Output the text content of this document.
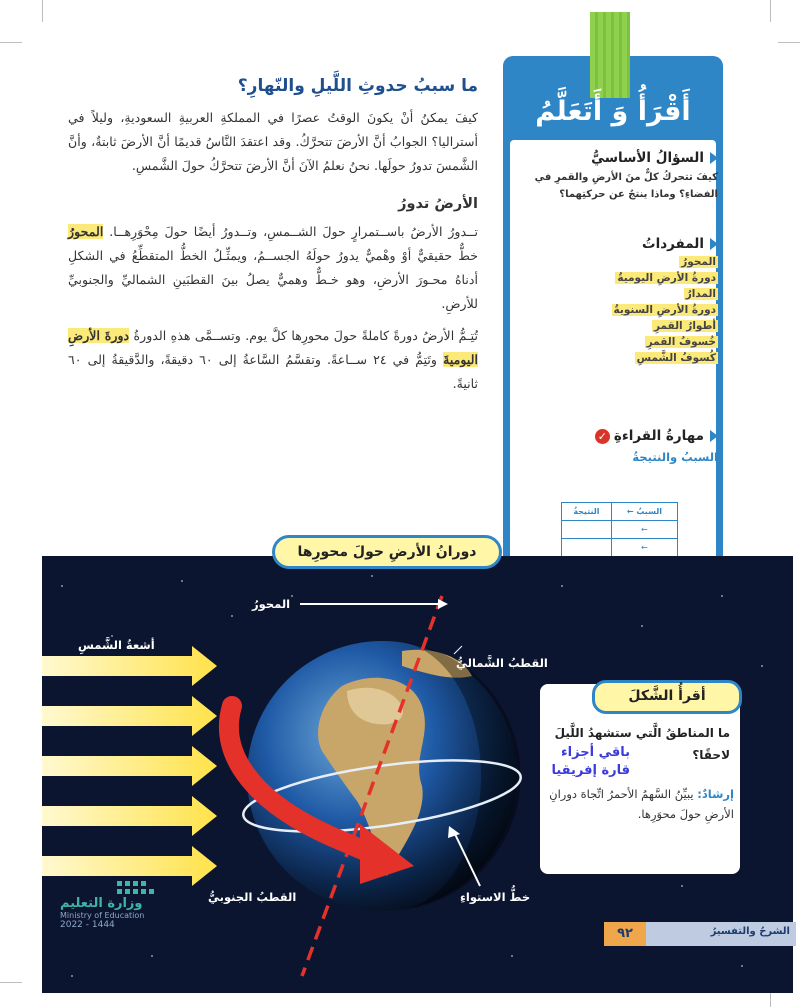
ما سببُ حدوثِ اللَّيلِ والنّهارِ؟
كيفَ يمكنُ أنْ يكونَ الوقتُ عصرًا في المملكةِ العربيةِ السعوديةِ، وليلاً في أستراليا؟ الجوابُ أنَّ الأرضَ تتحرَّكُ. وقد اعتقدَ النَّاسُ قديمًا أنَّ الأرضَ ثابتةٌ، وأنَّ الشَّمسَ تدورُ حولَها. نحنُ نعلمُ الآنَ أنَّ الأرضَ تتحرَّكُ حولَ الشَّمسِ.
الأرضُ تدورُ
تــدورُ الأرضُ باســتمرارٍ حولَ الشــمسِ، وتــدورُ أيضًا حولَ مِحْوَرِهــا. المحورُ خطٌّ حقيقيٌّ أوْ وهْميٌّ يدورُ حولَهُ الجســمُ، ويمثِّـلُ الخطُّ المتقطِّعُ في الشكلِ أدناهُ محـورَ الأرضِ، وهو خـطٌّ وهميٌّ يصلُ بينَ القطبَينِ الشماليِّ والجنوبيِّ للأرضِ.
تُتِـمُّ الأرضُ دورةً كاملةً حولَ محورِها كلَّ يوم. وتســمَّى هذهِ الدورةُ دورةَ الأرضِ اليوميةَ وتَتِمُّ في ٢٤ ســاعةً. وتقسَّمُ السَّاعةُ إلى ٦٠ دقيقةً، والدَّقيقةُ إلى ٦٠ ثانيةً.
أَقْرَأُ وَ أَتَعَلَّمُ
السؤالُ الأساسيُّ
كيفَ تتحركُ كلٌّ منَ الأرضِ والقمرِ في الفضاءِ؟ وماذا ينتجُ عن حركتِهما؟
المفرداتُ
المحورُ
دورةُ الأرضِ اليوميةُ
المدارُ
دورةُ الأرضِ السنويةُ
أطوارُ القمرِ
خُسوفُ القمرِ
كُسوفُ الشَّمسِ
مهارةُ القراءةِ
✓
السببُ والنتيجةُ
السببُ ←	النتيجةُ
←	
←	

دورانُ الأرضِ حولَ محورِها
المحورُ
أشعةُ الشَّمسِ
القطبُ الشَّماليُّ
القطبُ الجنوبيُّ	خطُّ الاستواءِ
أقرأُ الشَّكلَ
ما المناطقُ الَّتي ستشهدُ اللَّيلَ لاحقًا؟
باقي أجزاء قارة إفريقيا
إرشادٌ: يبيِّنُ السَّهمُ الأحمرُ اتِّجاهَ دورانِ الأرضِ حولَ محوَرِها.
٩٢	الشرحُ والتفسيرُ
وزارة التعليم
Ministry of Education
2022 - 1444
